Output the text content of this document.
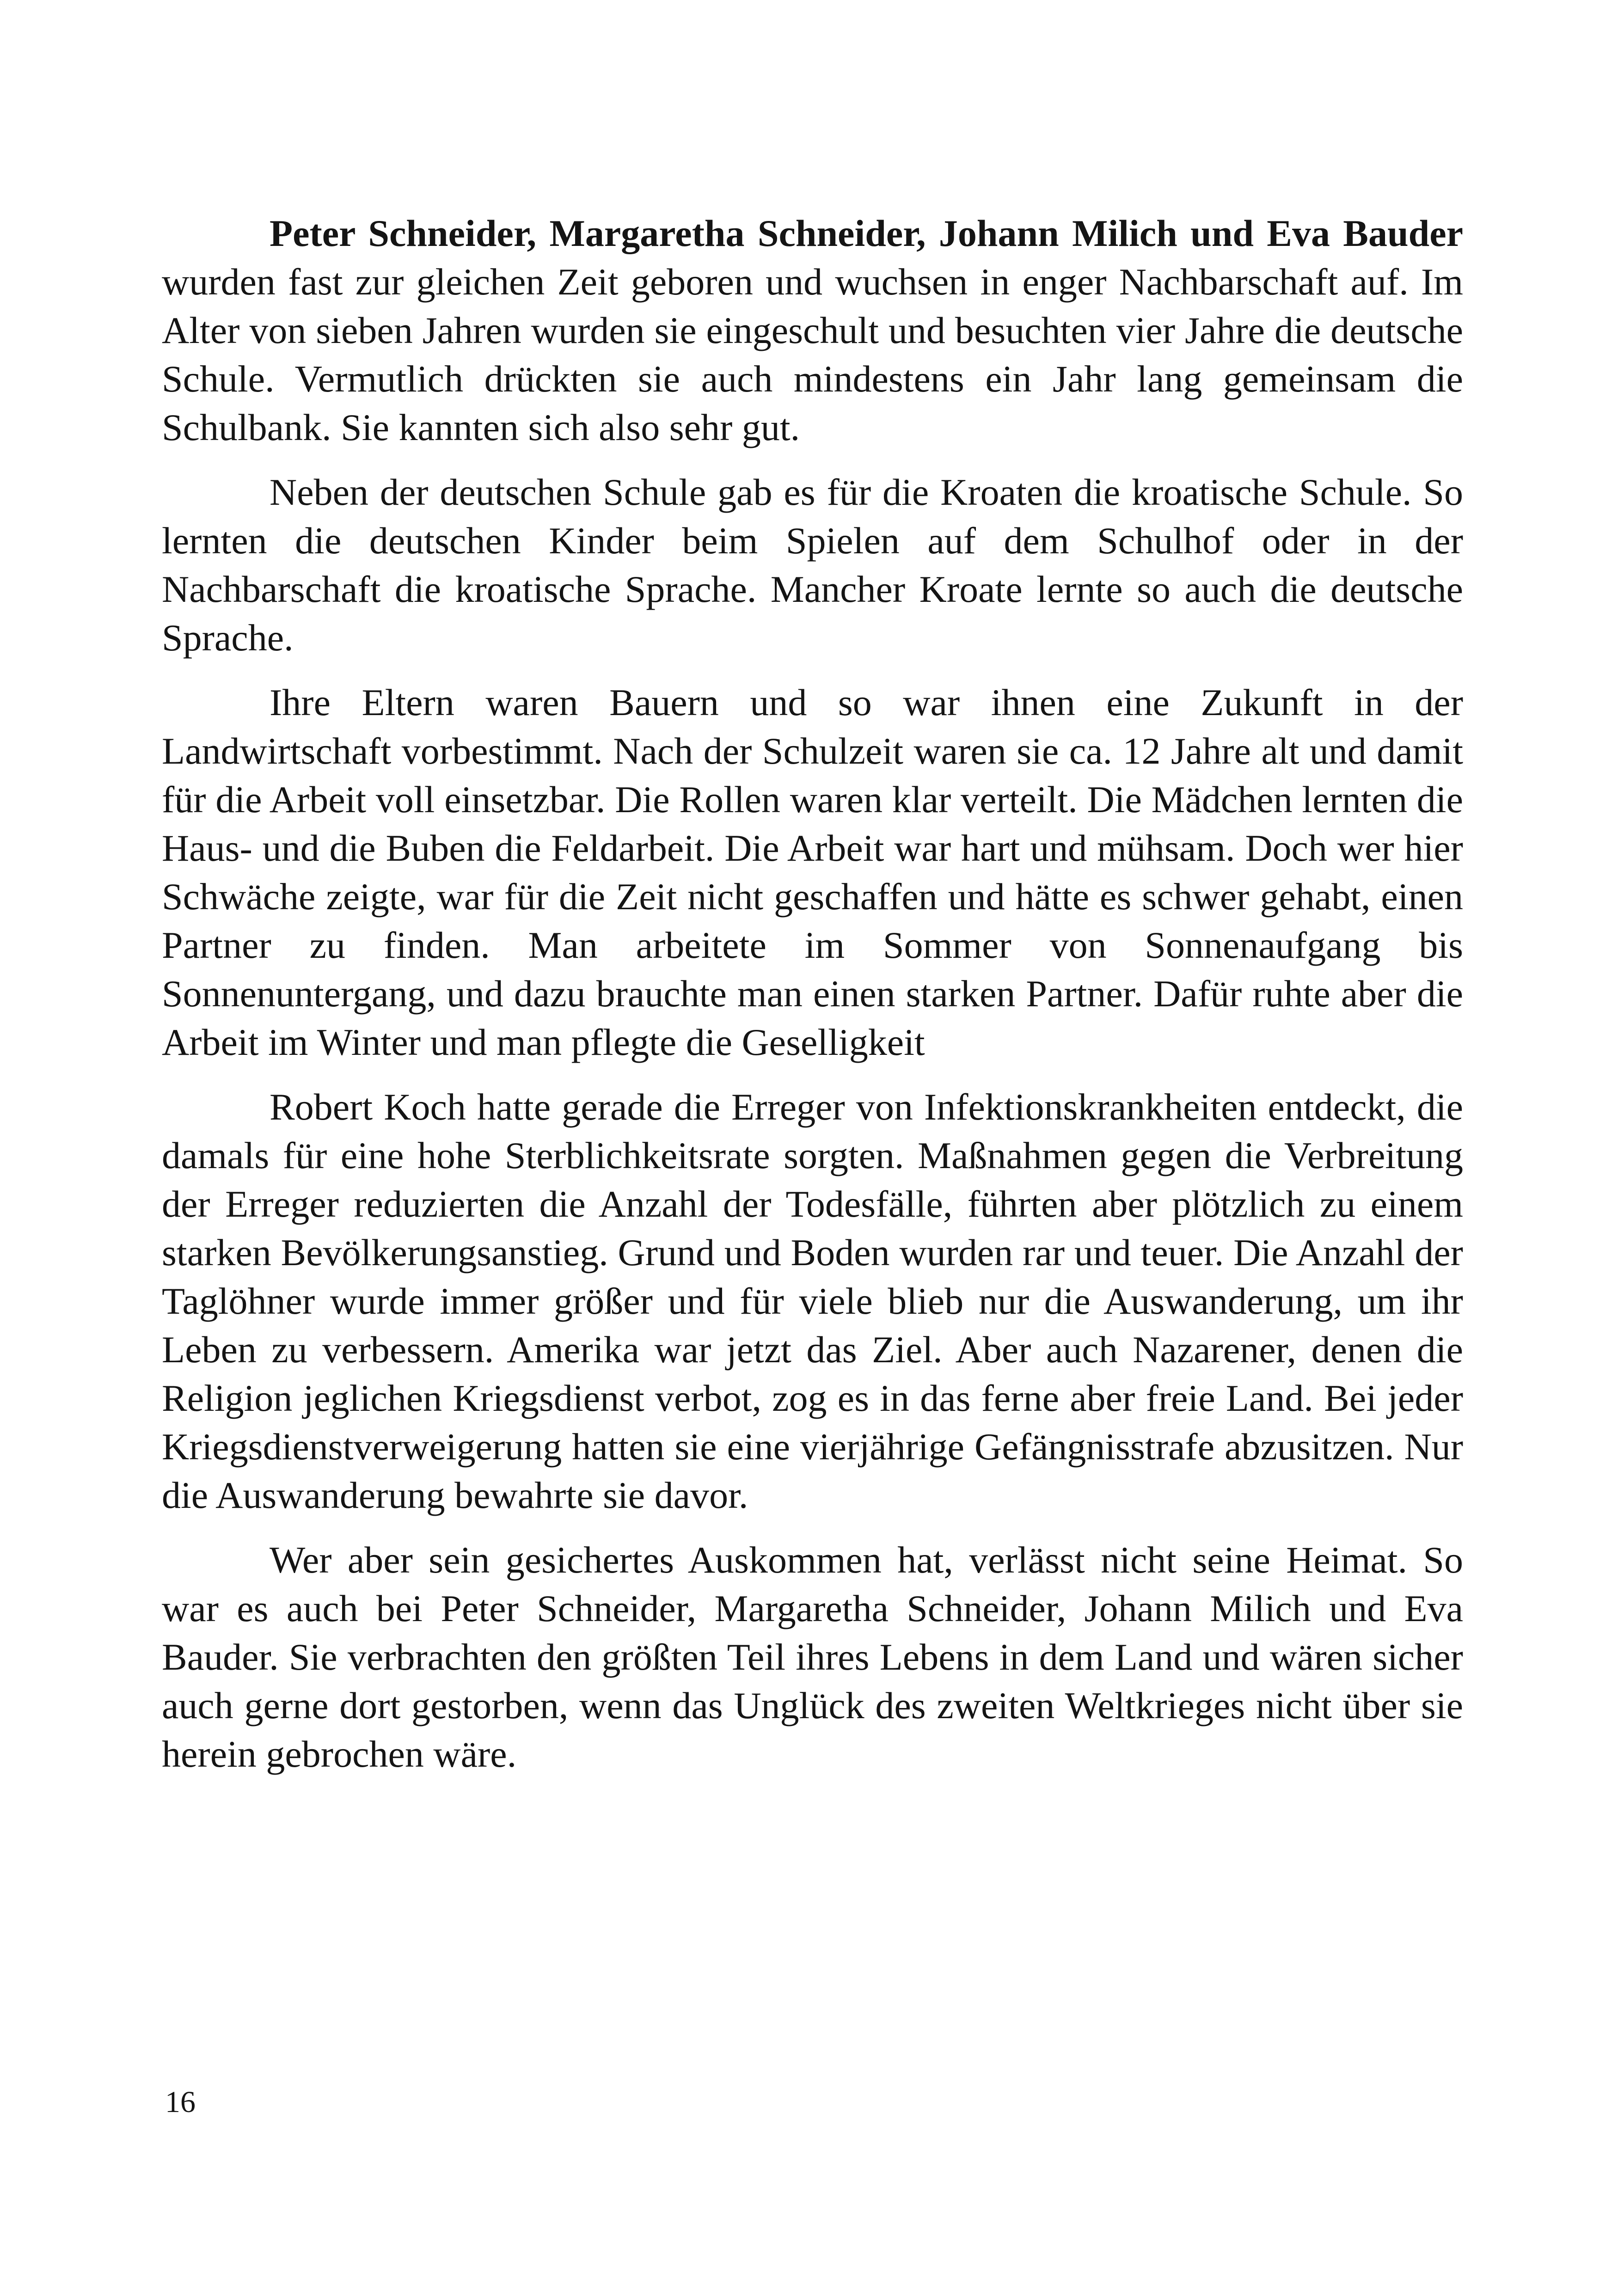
Peter Schneider, Margaretha Schneider, Johann Milich und Eva Bauder wurden fast zur gleichen Zeit geboren und wuchsen in enger Nachbarschaft auf. Im Alter von sieben Jahren wurden sie eingeschult und besuchten vier Jahre die deutsche Schule. Vermutlich drückten sie auch mindestens ein Jahr lang gemeinsam die Schulbank. Sie kannten sich also sehr gut.

Neben der deutschen Schule gab es für die Kroaten die kroatische Schule. So lernten die deutschen Kinder beim Spielen auf dem Schulhof oder in der Nachbarschaft die kroatische Sprache. Mancher Kroate lernte so auch die deutsche Sprache.

Ihre Eltern waren Bauern und so war ihnen eine Zukunft in der Landwirtschaft vorbestimmt. Nach der Schulzeit waren sie ca. 12 Jahre alt und damit für die Arbeit voll einsetzbar. Die Rollen waren klar verteilt. Die Mädchen lernten die Haus- und die Buben die Feldarbeit. Die Arbeit war hart und mühsam. Doch wer hier Schwäche zeigte, war für die Zeit nicht geschaffen und hätte es schwer gehabt, einen Partner zu finden. Man arbeitete im Sommer von Sonnenaufgang bis Sonnenuntergang, und dazu brauchte man einen starken Partner. Dafür ruhte aber die Arbeit im Winter und man pflegte die Geselligkeit

Robert Koch hatte gerade die Erreger von Infektionskrankheiten entdeckt, die damals für eine hohe Sterblichkeitsrate sorgten. Maßnahmen gegen die Verbreitung der Erreger reduzierten die Anzahl der Todesfälle, führten aber plötzlich zu einem starken Bevölkerungsanstieg. Grund und Boden wurden rar und teuer. Die Anzahl der Taglöhner wurde immer größer und für viele blieb nur die Auswanderung, um ihr Leben zu verbessern. Amerika war jetzt das Ziel. Aber auch Nazarener, denen die Religion jeglichen Kriegsdienst verbot, zog es in das ferne aber freie Land. Bei jeder Kriegsdienstverweigerung hatten sie eine vierjährige Gefängnisstrafe abzusitzen. Nur die Auswanderung bewahrte sie davor.

Wer aber sein gesichertes Auskommen hat, verlässt nicht seine Heimat. So war es auch bei Peter Schneider, Margaretha Schneider, Johann Milich und Eva Bauder. Sie verbrachten den größten Teil ihres Lebens in dem Land und wären sicher auch gerne dort gestorben, wenn das Unglück des zweiten Weltkrieges nicht über sie herein gebrochen wäre.

16
